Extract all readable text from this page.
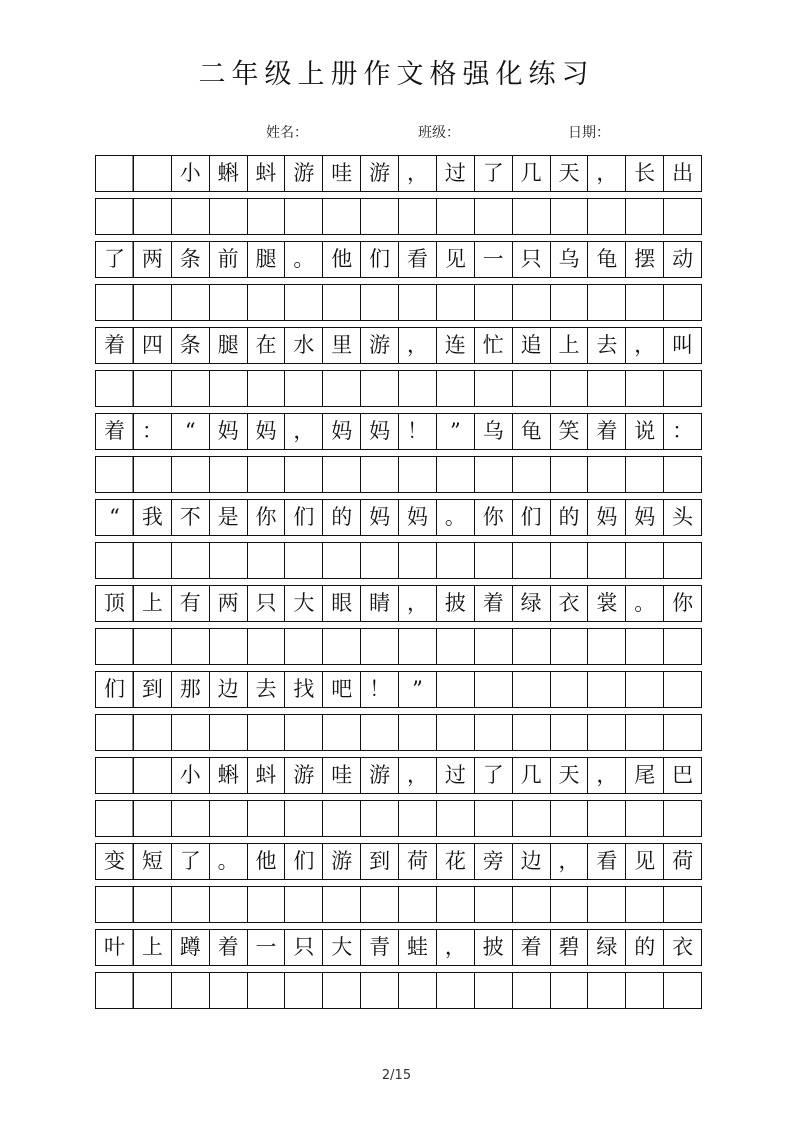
二年级上册作文格强化练习
姓名：	班级：	日期：
小 蝌 蚪 游 哇 游 ， 过 了 几 天 ， 长 出
了 两 条 前 腿 。 他 们 看 见 一 只 乌 龟 摆 动
着 四 条 腿 在 水 里 游 ， 连 忙 追 上 去 ， 叫
着 ：	“	妈 妈 ， 妈 妈 ！	”	乌 龟 笑 着 说 ：
“	我 不 是 你 们 的 妈 妈 。 你 们 的 妈 妈 头
顶 上 有 两 只 大 眼 睛 ， 披 着 绿 衣 裳 。 你
们 到 那 边 去 找 吧 ！	”
小 蝌 蚪 游 哇 游 ， 过 了 几 天 ， 尾 巴
变 短 了 。 他 们 游 到 荷 花 旁 边 ， 看 见 荷
叶 上 蹲 着 一 只 大 青 蛙 ， 披 着 碧 绿 的 衣
2/15
